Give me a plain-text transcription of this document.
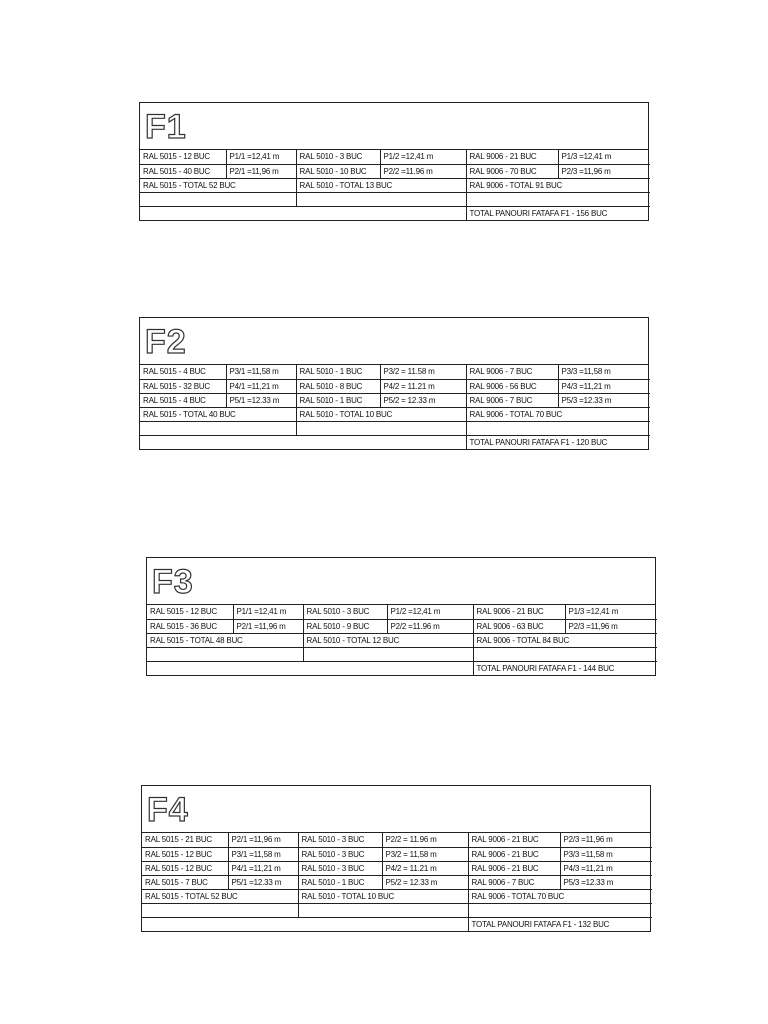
F1
RAL 5015 - 12 BUC	P1/1 =12,41 m	RAL 5010 - 3 BUC	P1/2 =12,41 m	RAL 9006 - 21 BUC	P1/3 =12,41 m
RAL 5015 - 40 BUC	P2/1 =11,96 m	RAL 5010 - 10 BUC	P2/2 =11.96 m	RAL 9006 - 70 BUC	P2/3 =11,96 m
RAL 5015 - TOTAL 52 BUC		RAL 5010 - TOTAL 13 BUC		RAL 9006 - TOTAL 91 BUC	

				TOTAL PANOURI FATAFA F1 - 156 BUC	
F2
RAL 5015 - 4 BUC	P3/1 =11,58 m	RAL 5010 - 1 BUC	P3/2 = 11.58 m	RAL 9006 - 7 BUC	P3/3 =11,58 m
RAL 5015 - 32 BUC	P4/1 =11,21 m	RAL 5010 - 8 BUC	P4/2 = 11.21 m	RAL 9006 - 56 BUC	P4/3 =11,21 m
RAL 5015 - 4 BUC	P5/1 =12.33 m	RAL 5010 - 1 BUC	P5/2 = 12.33 m	RAL 9006 - 7 BUC	P5/3 =12.33 m
RAL 5015 - TOTAL 40 BUC		RAL 5010 - TOTAL 10 BUC		RAL 9006 - TOTAL 70 BUC	

				TOTAL PANOURI FATAFA F1 - 120 BUC	
F3
RAL 5015 - 12 BUC	P1/1 =12,41 m	RAL 5010 - 3 BUC	P1/2 =12,41 m	RAL 9006 - 21 BUC	P1/3 =12,41 m
RAL 5015 - 36 BUC	P2/1 =11,96 m	RAL 5010 - 9 BUC	P2/2 =11.96 m	RAL 9006 - 63 BUC	P2/3 =11,96 m
RAL 5015 - TOTAL 48 BUC		RAL 5010 - TOTAL 12 BUC		RAL 9006 - TOTAL 84 BUC	

				TOTAL PANOURI FATAFA F1 - 144 BUC	
F4
RAL 5015 - 21 BUC	P2/1 =11,96 m	RAL 5010 - 3 BUC	P2/2 = 11.96 m	RAL 9006 - 21 BUC	P2/3 =11,96 m
RAL 5015 - 12 BUC	P3/1 =11,58 m	RAL 5010 - 3 BUC	P3/2 = 11,58 m	RAL 9006 - 21 BUC	P3/3 =11,58 m
RAL 5015 - 12 BUC	P4/1 =11,21 m	RAL 5010 - 3 BUC	P4/2 = 11.21 m	RAL 9006 - 21 BUC	P4/3 =11,21 m
RAL 5015 - 7 BUC	P5/1 =12.33 m	RAL 5010 - 1 BUC	P5/2 = 12.33 m	RAL 9006 - 7 BUC	P5/3 =12.33 m
RAL 5015 - TOTAL 52 BUC		RAL 5010 - TOTAL 10 BUC		RAL 9006 - TOTAL 70 BUC	

				TOTAL PANOURI FATAFA F1 - 132 BUC	
